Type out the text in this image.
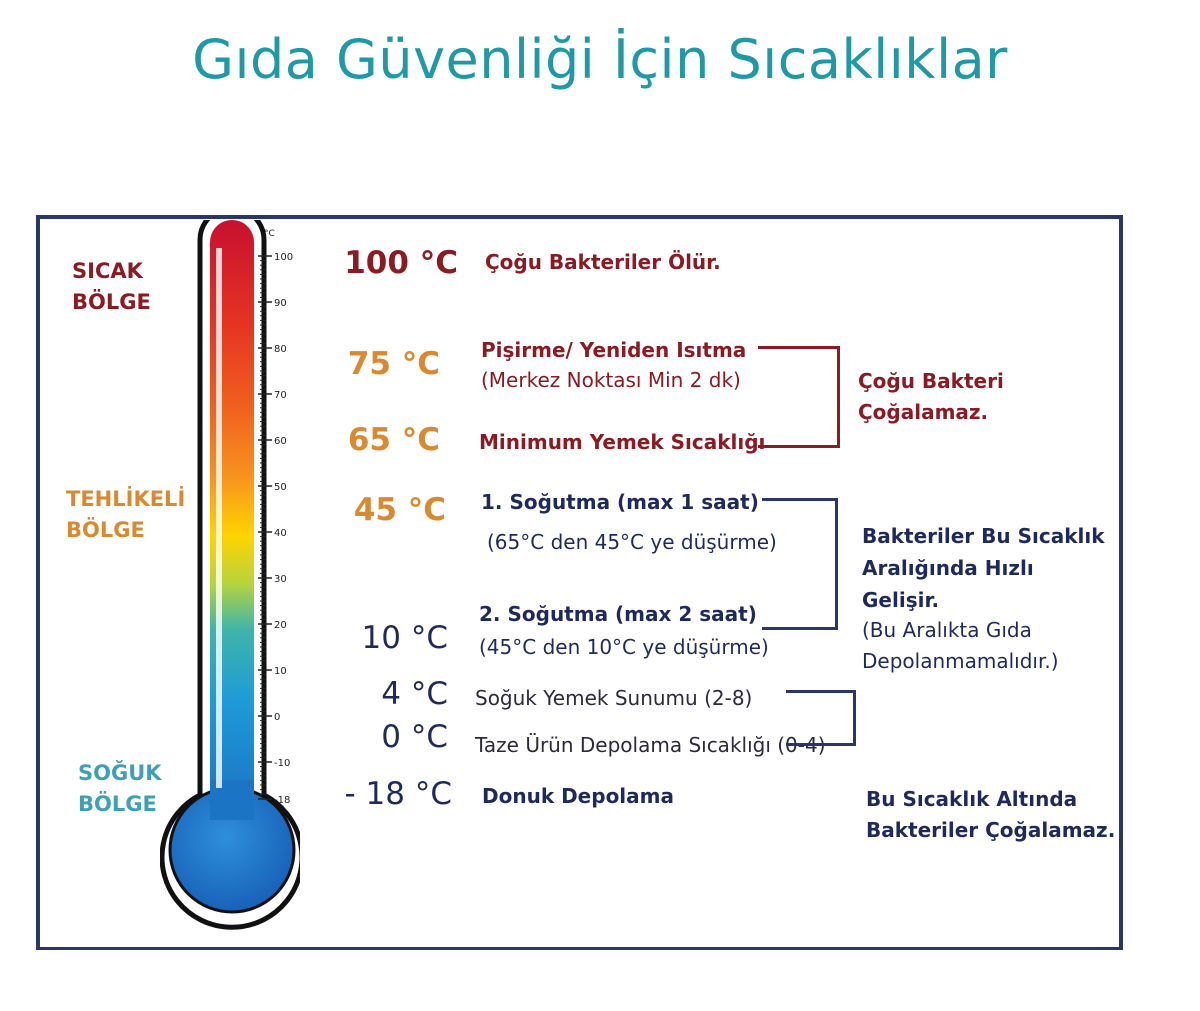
Gıda Güvenliği İçin Sıcaklıklar
100
90
80
70
60
50
40
30
20
10
0
-10
-18
°C
SICAK
BÖLGE
TEHLİKELİ
BÖLGE
SOĞUK
BÖLGE
100 °C
75 °C
65 °C
45 °C
10 °C
4 °C
0 °C
- 18 °C
Çoğu Bakteriler Ölür.
Pişirme/ Yeniden Isıtma
(Merkez Noktası Min 2 dk)
Minimum Yemek Sıcaklığı
1. Soğutma (max 1 saat)
(65°C den 45°C ye düşürme)
2. Soğutma (max 2 saat)
(45°C den 10°C ye düşürme)
Soğuk Yemek Sunumu (2-8)
Taze Ürün Depolama Sıcaklığı (0-4)
Donuk Depolama
Çoğu Bakteri
Çoğalamaz.
Bakteriler Bu Sıcaklık
Aralığında Hızlı
Gelişir.
(Bu Aralıkta Gıda
Depolanmamalıdır.)
Bu Sıcaklık Altında
Bakteriler Çoğalamaz.
